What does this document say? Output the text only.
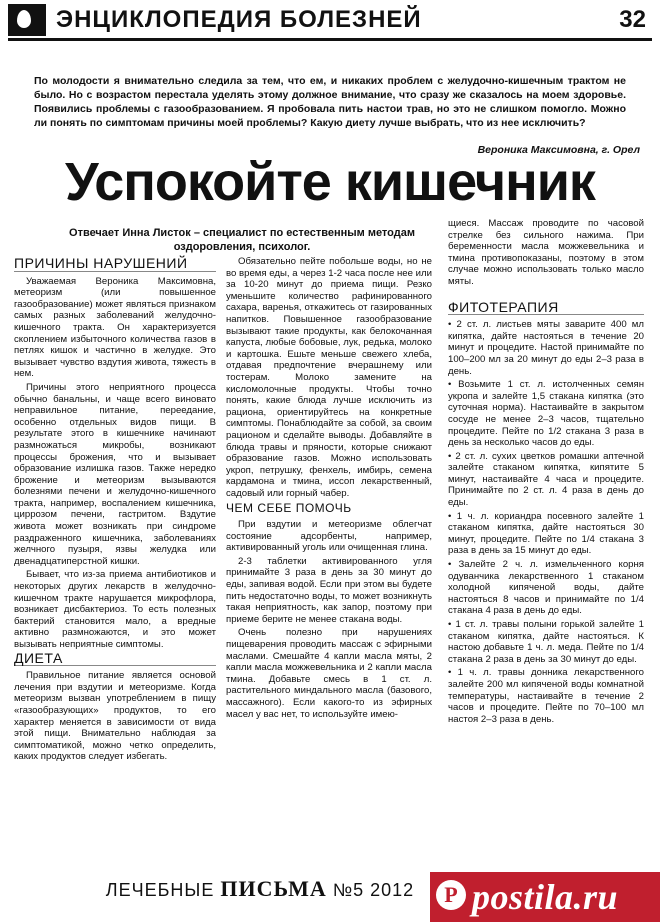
ЭНЦИКЛОПЕДИЯ БОЛЕЗНЕЙ	32
По молодости я внимательно следила за тем, что ем, и никаких проблем с желудочно-кишечным трактом не было. Но с возрастом перестала уделять этому должное внимание, что сразу же сказалось на моем здоровье. Появились проблемы с газообразованием. Я пробовала пить настои трав, но это не слишком помогло. Можно ли понять по симптомам причины моей проблемы? Какую диету лучше выбрать, что из нее исключить?
Вероника Максимовна, г. Орел
Успокойте кишечник
Отвечает Инна Листок – специалист по естественным методам оздоровления, психолог.
ПРИЧИНЫ НАРУШЕНИЙ

Уважаемая Вероника Максимовна, метеоризм (или повышенное газообразование) может являться признаком самых разных заболеваний желудочно-кишечного тракта. Он характеризуется скоплением избыточного количества газов в петлях кишок и частично в желудке. Это вызывает чувство вздутия живота, тяжесть в нем.

Причины этого неприятного процесса обычно банальны, и чаще всего виновато неправильное питание, переедание, особенно отдельных видов пищи. В результате этого в кишечнике начинают размножаться микробы, возникают процессы брожения, что и вызывает образование излишка газов. Также нередко брожение и метеоризм вызываются болезнями печени и желудочно-кишечного тракта, например, воспалением кишечника, циррозом печени, гастритом. Вздутие живота может возникать при синдроме раздраженного кишечника, заболеваниях желчного пузыря, язвы желудка или двенадцатиперстной кишки.

Бывает, что из-за приема антибиотиков и некоторых других лекарств в желудочно-кишечном тракте нарушается микрофлора, возникает дисбактериоз. То есть полезных бактерий становится мало, а вредные активно размножаются, и это может вызывать неприятные симптомы.

ДИЕТА

Правильное питание является основой лечения при вздутии и метеоризме. Когда метеоризм вызван употреблением в пищу «газообразующих» продуктов, то его характер меняется в зависимости от вида этой пищи. Внимательно наблюдая за симптоматикой, можно четко определить, каких продуктов следует избегать.

Обязательно пейте побольше воды, но не во время еды, а через 1-2 часа после нее или за 10-20 минут до приема пищи. Резко уменьшите количество рафинированного сахара, варенья, откажитесь от газированных напитков. Повышенное газообразование вызывают такие продукты, как белокочанная капуста, любые бобовые, лук, редька, молоко и картошка. Ешьте меньше свежего хлеба, отдавая предпочтение вчерашнему или тостерам. Молоко замените на кисломолочные продукты. Чтобы точно понять, какие блюда лучше исключить из рациона, ориентируйтесь на конкретные симптомы. Понаблюдайте за собой, за своим рационом и сделайте выводы. Добавляйте в блюда травы и пряности, которые снижают образование газов. Можно использовать укроп, петрушку, фенхель, имбирь, семена кардамона и тмина, иссоп лекарственный, садовый или горный чабер.

ЧЕМ СЕБЕ ПОМОЧЬ

При вздутии и метеоризме облегчат состояние адсорбенты, например, активированный уголь или очищенная глина.

2-3 таблетки активированного угля принимайте 3 раза в день за 30 минут до еды, запивая водой. Если при этом вы будете пить недостаточно воды, то может возникнуть такая неприятность, как запор, поэтому при приеме берите не менее стакана воды.

Очень полезно при нарушениях пищеварения проводить массаж с эфирными маслами. Смешайте 4 капли масла мяты, 2 капли масла можжевельника и 2 капли масла тмина. Добавьте смесь в 1 ст. л. растительного миндального масла (базового, массажного). Если какого-то из эфирных масел у вас нет, то используйте имею-

щиеся. Массаж проводите по часовой стрелке без сильного нажима. При беременности масла можжевельника и тмина противопоказаны, поэтому в этом случае можно использовать только масло мяты.

ФИТОТЕРАПИЯ

• 2 ст. л. листьев мяты заварите 400 мл кипятка, дайте настояться в течение 20 минут и процедите. Настой принимайте по 100–200 мл за 20 минут до еды 2–3 раза в день.

• Возьмите 1 ст. л. истолченных семян укропа и залейте 1,5 стакана кипятка (это суточная норма). Настаивайте в закрытом сосуде не менее 2–3 часов, тщательно процедите. Пейте по 1/2 стакана 3 раза в день за несколько часов до еды.

• 2 ст. л. сухих цветков ромашки аптечной залейте стаканом кипятка, кипятите 5 минут, настаивайте 4 часа и процедите. Принимайте по 2 ст. л. 4 раза в день до еды.

• 1 ч. л. кориандра посевного залейте 1 стаканом кипятка, дайте настояться 30 минут, процедите. Пейте по 1/4 стакана 3 раза в день за 15 минут до еды.

• Залейте 2 ч. л. измельченного корня одуванчика лекарственного 1 стаканом холодной кипяченой воды, дайте настояться 8 часов и принимайте по 1/4 стакана 4 раза в день до еды.

• 1 ст. л. травы полыни горькой залейте 1 стаканом кипятка, дайте настояться. К настою добавьте 1 ч. л. меда. Пейте по 1/4 стакана 2 раза в день за 30 минут до еды.

• 1 ч. л. травы донника лекарственного залейте 200 мл кипяченой воды комнатной температуры, настаивайте в течение 2 часов и процедите. Пейте по 70–100 мл настоя 2–3 раза в день.

ЛЕЧЕБНЫЕ ПИСЬМА №5 2012	P postila.ru
